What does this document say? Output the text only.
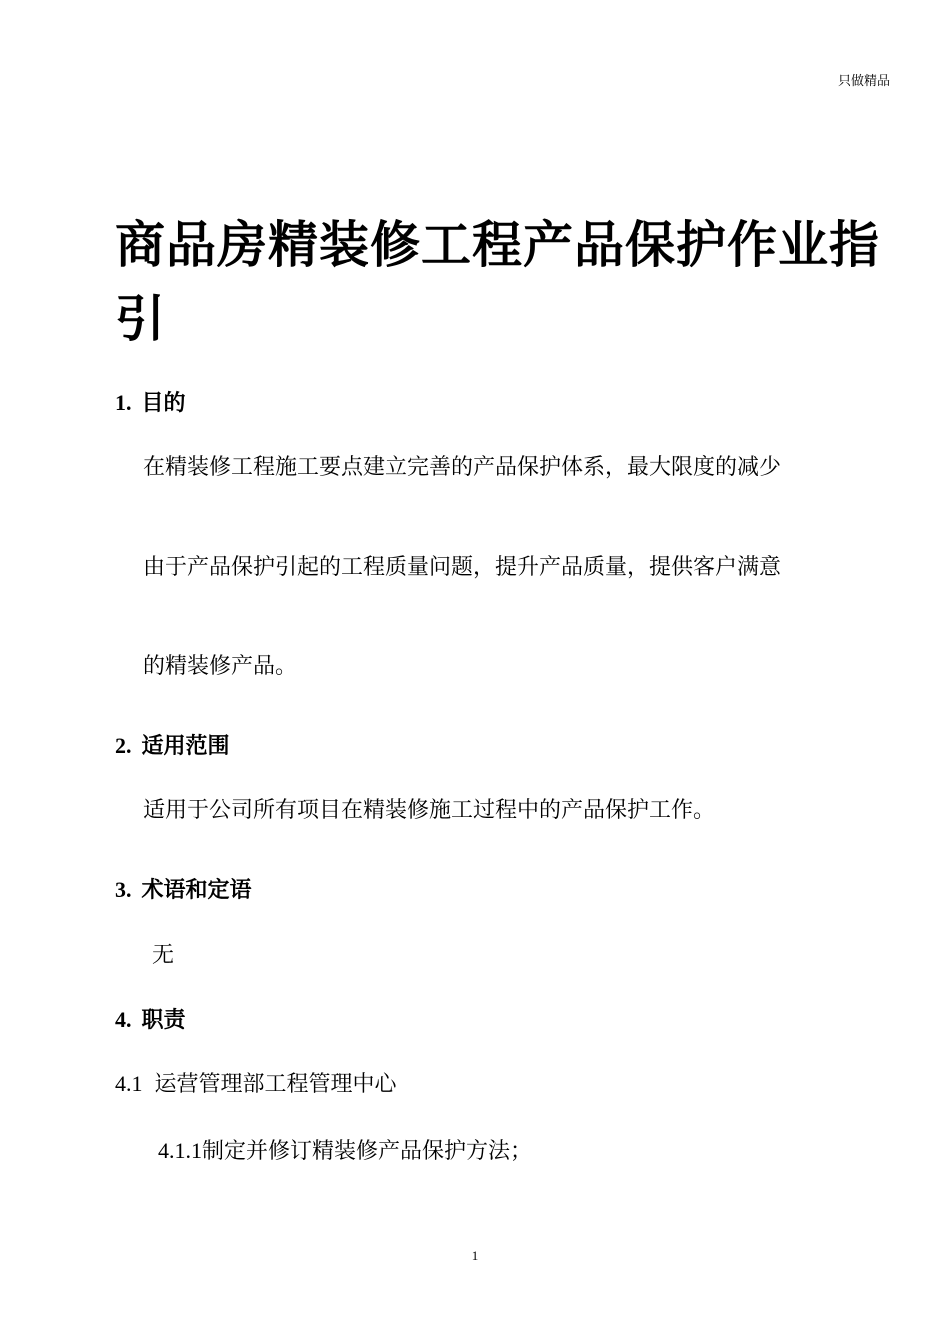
只做精品
商品房精装修工程产品保护作业指引
1. 目的

在精装修工程施工要点建立完善的产品保护体系，最大限度的减少

由于产品保护引起的工程质量问题，提升产品质量，提供客户满意

的精装修产品。

2. 适用范围

适用于公司所有项目在精装修施工过程中的产品保护工作。

3. 术语和定语

无

4. 职责

4.1 运营管理部工程管理中心

4.1.1制定并修订精装修产品保护方法；

1
